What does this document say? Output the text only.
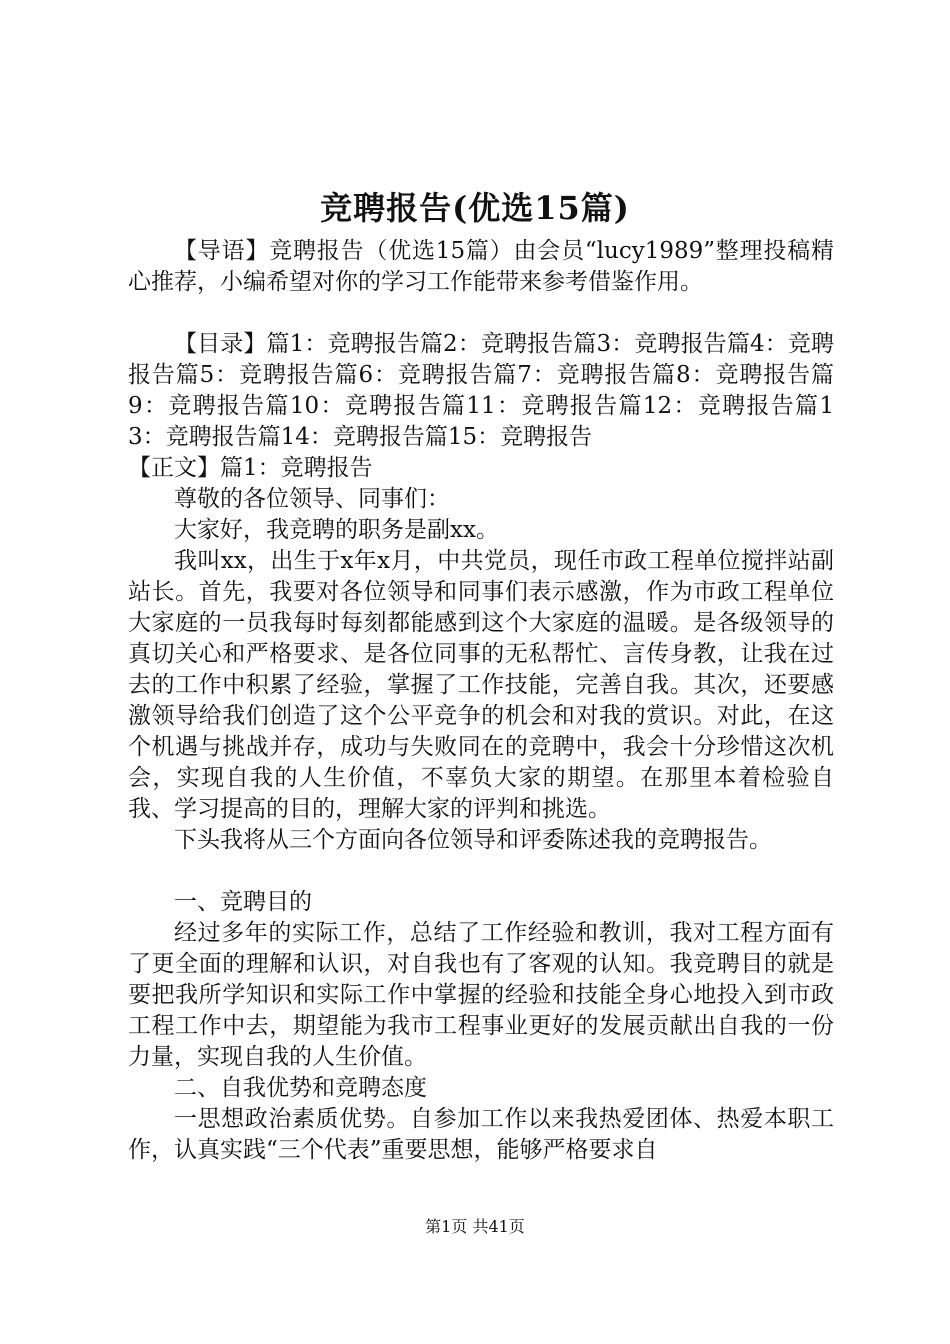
竞聘报告(优选15篇)

【导语】竞聘报告（优选15篇）由会员“lucy1989”整理投稿精心推荐，小编希望对你的学习工作能带来参考借鉴作用。

【目录】篇1：竞聘报告篇2：竞聘报告篇3：竞聘报告篇4：竞聘报告篇5：竞聘报告篇6：竞聘报告篇7：竞聘报告篇8：竞聘报告篇9：竞聘报告篇10：竞聘报告篇11：竞聘报告篇12：竞聘报告篇13：竞聘报告篇14：竞聘报告篇15：竞聘报告

【正文】篇1：竞聘报告

尊敬的各位领导、同事们：

大家好，我竞聘的职务是副xx。

我叫xx，出生于x年x月，中共党员，现任市政工程单位搅拌站副站长。首先，我要对各位领导和同事们表示感激，作为市政工程单位大家庭的一员我每时每刻都能感到这个大家庭的温暖。是各级领导的真切关心和严格要求、是各位同事的无私帮忙、言传身教，让我在过去的工作中积累了经验，掌握了工作技能，完善自我。其次，还要感激领导给我们创造了这个公平竞争的机会和对我的赏识。对此，在这个机遇与挑战并存，成功与失败同在的竞聘中，我会十分珍惜这次机会，实现自我的人生价值，不辜负大家的期望。在那里本着检验自我、学习提高的目的，理解大家的评判和挑选。

下头我将从三个方面向各位领导和评委陈述我的竞聘报告。

一、竞聘目的

经过多年的实际工作，总结了工作经验和教训，我对工程方面有了更全面的理解和认识，对自我也有了客观的认知。我竞聘目的就是要把我所学知识和实际工作中掌握的经验和技能全身心地投入到市政工程工作中去，期望能为我市工程事业更好的发展贡献出自我的一份力量，实现自我的人生价值。

二、自我优势和竞聘态度

一思想政治素质优势。自参加工作以来我热爱团体、热爱本职工作，认真实践“三个代表”重要思想，能够严格要求自

第1页 共41页
